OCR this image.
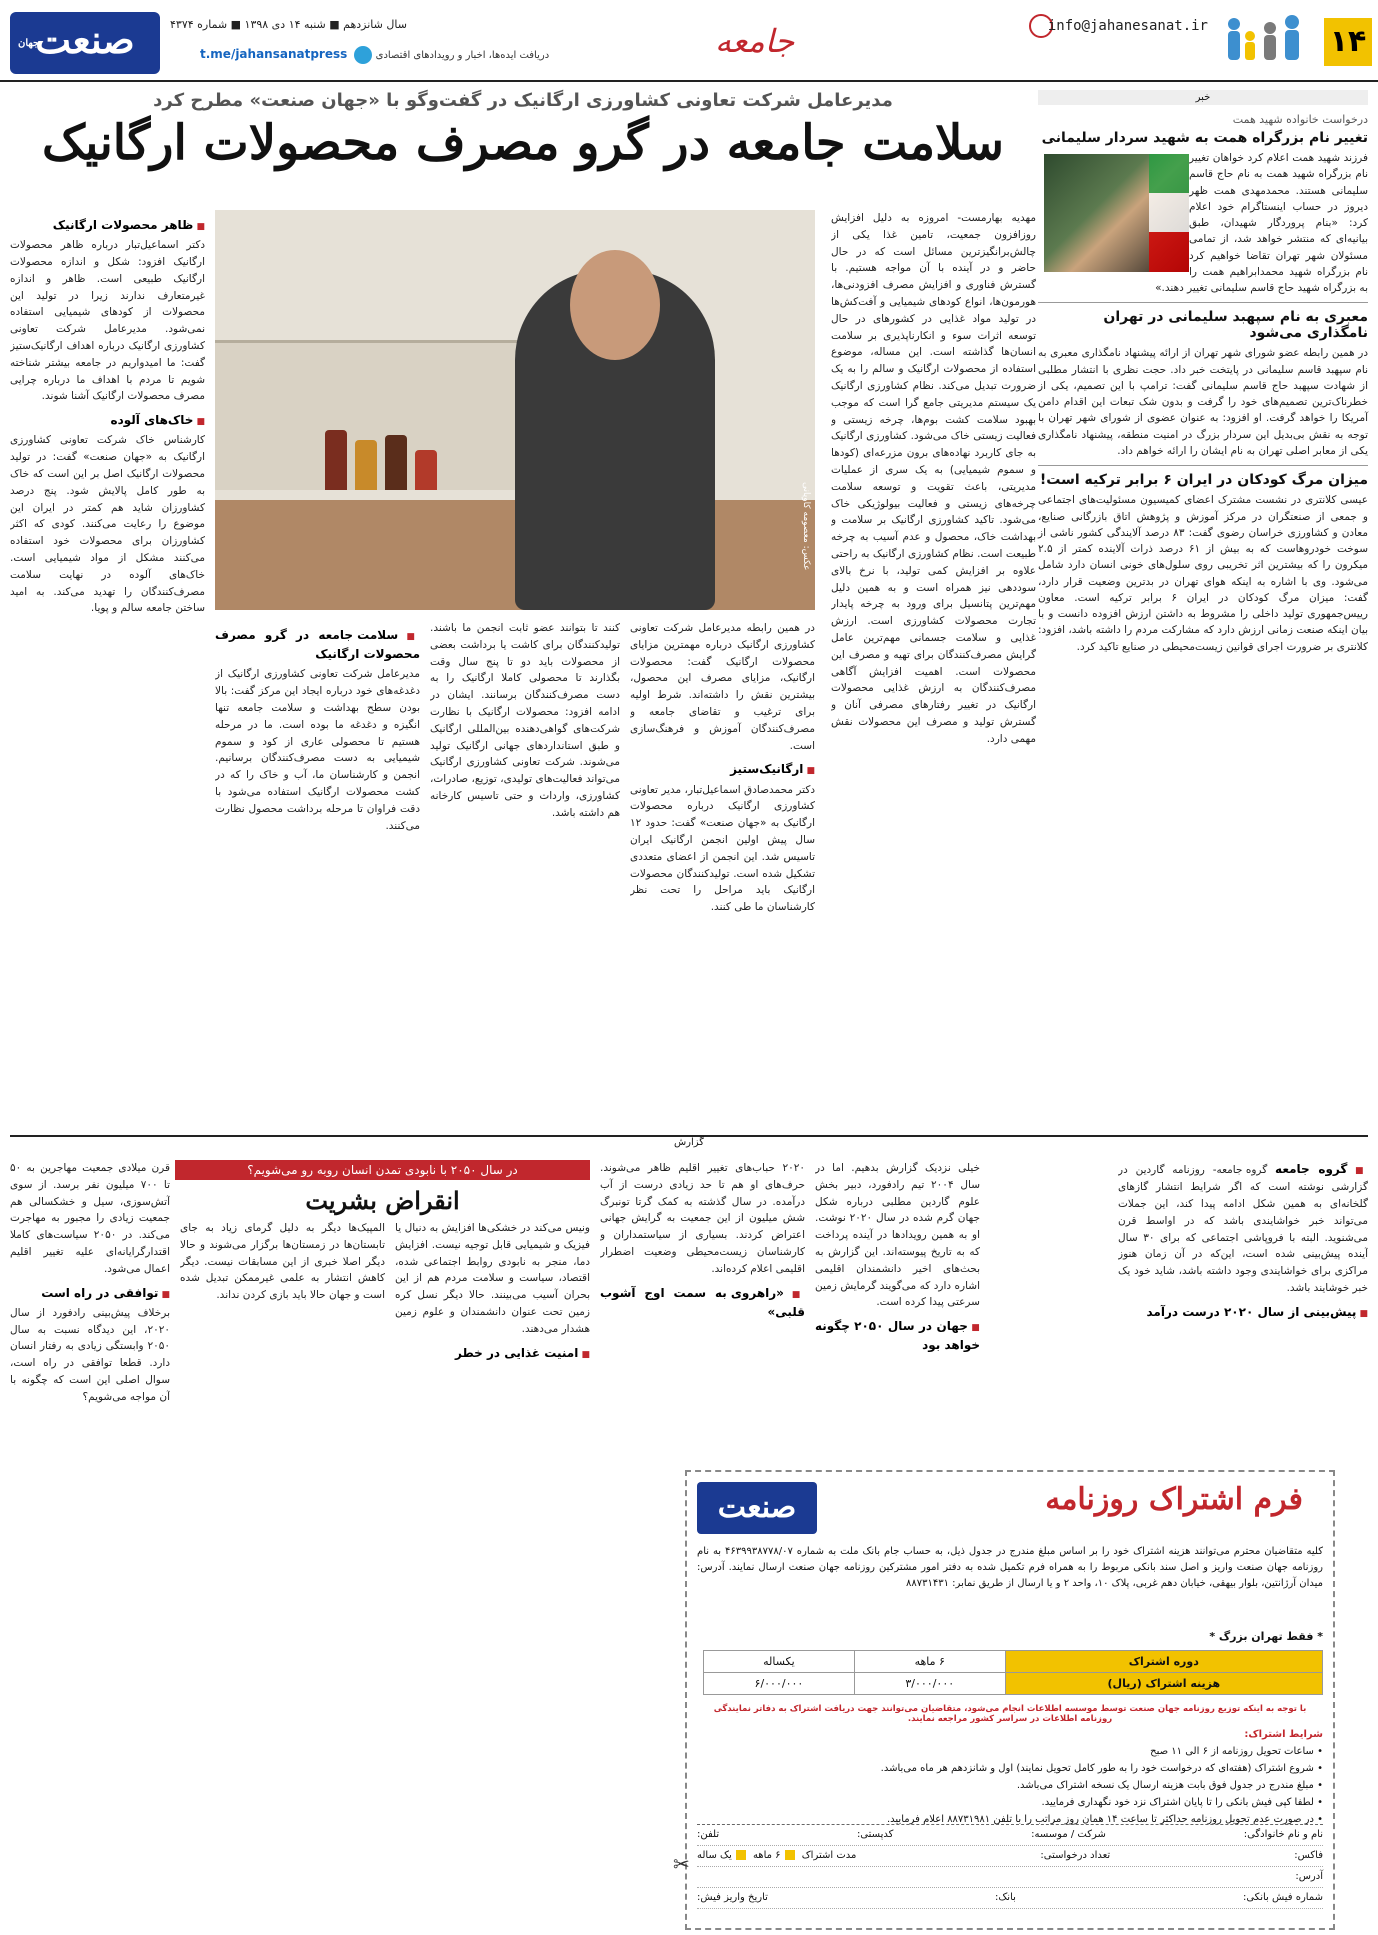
۱۴
info@jahanesanat.ir
جامعه
سال شانزدهم ■ شنبه ۱۴ دی ۱۳۹۸ ■ شماره ۴۳۷۴
دریافت ایده‌ها، اخبار و رویدادهای اقتصادی  t.me/jahansanatpress
صنعت
جهان
خبر
درخواست خانواده شهید همت
تغییر نام بزرگراه همت به شهید سردار سلیمانی

فرزند شهید همت اعلام کرد خواهان تغییر نام بزرگراه شهید همت به نام حاج قاسم سلیمانی هستند. محمدمهدی همت ظهر دیروز در حساب اینستاگرام خود اعلام کرد: «بنام پروردگار شهیدان، طبق بیانیه‌ای که منتشر خواهد شد، از تمامی مسئولان شهر تهران تقاضا خواهیم کرد نام بزرگراه شهید محمدابراهیم همت را به بزرگراه شهید حاج قاسم سلیمانی تغییر دهند.»

معبری به نام سپهبد سلیمانی در تهران نامگذاری می‌شود

در همین رابطه عضو شورای شهر تهران از ارائه پیشنهاد نامگذاری معبری به نام سپهبد قاسم سلیمانی در پایتخت خبر داد. حجت نظری با انتشار مطلبی از شهادت سپهبد حاج قاسم سلیمانی گفت: ترامپ با این تصمیم، یکی از خطرناک‌ترین تصمیم‌های خود را گرفت و بدون شک تبعات این اقدام دامن آمریکا را خواهد گرفت. او افزود: به عنوان عضوی از شورای شهر تهران با توجه به نقش بی‌بدیل این سردار بزرگ در امنیت منطقه، پیشنهاد نامگذاری یکی از معابر اصلی تهران به نام ایشان را ارائه خواهم داد.

میزان مرگ کودکان در ایران ۶ برابر ترکیه است!

عیسی کلانتری در نشست مشترک اعضای کمیسیون مسئولیت‌های اجتماعی و جمعی از صنعتگران در مرکز آموزش و پژوهش اتاق بازرگانی صنایع، معادن و کشاورزی خراسان رضوی گفت: ۸۳ درصد آلایندگی کشور ناشی از سوخت خودروهاست که به بیش از ۶۱ درصد ذرات آلاینده کمتر از ۲.۵ میکرون را که بیشترین اثر تخریبی روی سلول‌های خونی انسان دارد شامل می‌شود. وی با اشاره به اینکه هوای تهران در بدترین وضعیت قرار دارد، گفت: میزان مرگ کودکان در ایران ۶ برابر ترکیه است. معاون رییس‌جمهوری تولید داخلی را مشروط به داشتن ارزش افزوده دانست و با بیان اینکه صنعت زمانی ارزش دارد که مشارکت مردم را داشته باشد، افزود: کلانتری بر ضرورت اجرای قوانین زیست‌محیطی در صنایع تاکید کرد.

مدیرعامل شرکت تعاونی کشاورزی ارگانیک در گفت‌وگو با «جهان صنعت» مطرح کرد
سلامت جامعه در گرو مصرف محصولات ارگانیک
عکس: معصومه کاویانی
مهدیه بهارمست- امروزه به دلیل افزایش روزافزون جمعیت، تامین غذا یکی از چالش‌برانگیزترین مسائل است که در حال حاضر و در آینده با آن مواجه هستیم. با گسترش فناوری و افزایش مصرف افزودنی‌ها، هورمون‌ها، انواع کودهای شیمیایی و آفت‌کش‌ها در تولید مواد غذایی در کشورهای در حال توسعه اثرات سوء و انکارناپذیری بر سلامت انسان‌ها گذاشته است. این مساله، موضوع استفاده از محصولات ارگانیک و سالم را به یک ضرورت تبدیل می‌کند. نظام کشاورزی ارگانیک یک سیستم مدیریتی جامع گرا است که موجب بهبود سلامت کشت بوم‌ها، چرخه زیستی و فعالیت زیستی خاک می‌شود. کشاورزی ارگانیک به جای کاربرد نهاده‌های برون مزرعه‌ای (کودها و سموم شیمیایی) به یک سری از عملیات مدیریتی، باعث تقویت و توسعه سلامت چرخه‌های زیستی و فعالیت بیولوژیکی خاک می‌شود. تاکید کشاورزی ارگانیک بر سلامت و بهداشت خاک، محصول و عدم آسیب به چرخه طبیعت است. نظام کشاورزی ارگانیک به راحتی علاوه بر افزایش کمی تولید، با نرخ بالای سوددهی نیز همراه است و به همین دلیل مهم‌ترین پتانسیل برای ورود به چرخه پایدار تجارت محصولات کشاورزی است. ارزش غذایی و سلامت جسمانی مهم‌ترین عامل گرایش مصرف‌کنندگان برای تهیه و مصرف این محصولات است. اهمیت افزایش آگاهی مصرف‌کنندگان به ارزش غذایی محصولات ارگانیک در تغییر رفتارهای مصرفی آنان و گسترش تولید و مصرف این محصولات نقش مهمی دارد.
در همین رابطه مدیرعامل شرکت تعاونی کشاورزی ارگانیک درباره مهمترین مزایای محصولات ارگانیک گفت: محصولات ارگانیک، مزایای مصرف این محصول، بیشترین نقش را داشته‌اند. شرط اولیه برای ترغیب و تقاضای جامعه و مصرف‌کنندگان آموزش و فرهنگ‌سازی است.
■ ارگانیک‌ستیز
دکتر محمدصادق اسماعیل‌تبار، مدیر تعاونی کشاورزی ارگانیک درباره محصولات ارگانیک به «جهان صنعت» گفت: حدود ۱۲ سال پیش اولین انجمن ارگانیک ایران تاسیس شد. این انجمن از اعضای متعددی تشکیل شده است. تولیدکنندگان محصولات ارگانیک باید مراحل را تحت نظر کارشناسان ما طی کنند.
کنند تا بتوانند عضو ثابت انجمن ما باشند. تولیدکنندگان برای کاشت یا برداشت بعضی از محصولات باید دو تا پنج سال وقت بگذارند تا محصولی کاملا ارگانیک را به دست مصرف‌کنندگان برسانند. ایشان در ادامه افزود: محصولات ارگانیک با نظارت شرکت‌های گواهی‌دهنده بین‌المللی ارگانیک و طبق استانداردهای جهانی ارگانیک تولید می‌شوند. شرکت تعاونی کشاورزی ارگانیک می‌تواند فعالیت‌های تولیدی، توزیع، صادرات، کشاورزی، واردات و حتی تاسیس کارخانه هم داشته باشد.
■ سلامت جامعه در گرو مصرف محصولات ارگانیک
مدیرعامل شرکت تعاونی کشاورزی ارگانیک از دغدغه‌های خود درباره ایجاد این مرکز گفت: بالا بودن سطح بهداشت و سلامت جامعه تنها انگیزه و دغدغه ما بوده است. ما در مرحله هستیم تا محصولی عاری از کود و سموم شیمیایی به دست مصرف‌کنندگان برسانیم. انجمن و کارشناسان ما، آب و خاک را که در کشت محصولات ارگانیک استفاده می‌شود با دقت فراوان تا مرحله برداشت محصول نظارت می‌کنند.
■ ظاهر محصولات ارگانیک
دکتر اسماعیل‌تبار درباره ظاهر محصولات ارگانیک افزود: شکل و اندازه محصولات ارگانیک طبیعی است. ظاهر و اندازه غیرمتعارف ندارند زیرا در تولید این محصولات از کودهای شیمیایی استفاده نمی‌شود. مدیرعامل شرکت تعاونی کشاورزی ارگانیک درباره اهداف ارگانیک‌ستیز گفت: ما امیدواریم در جامعه بیشتر شناخته شویم تا مردم با اهداف ما درباره چرایی مصرف محصولات ارگانیک آشنا شوند.
■ خاک‌های آلوده
کارشناس خاک شرکت تعاونی کشاورزی ارگانیک به «جهان صنعت» گفت: در تولید محصولات ارگانیک اصل بر این است که خاک به طور کامل پالایش شود. پنج درصد کشاورزان شاید هم کمتر در ایران این موضوع را رعایت می‌کنند. کودی که اکثر کشاورزان برای محصولات خود استفاده می‌کنند مشکل از مواد شیمیایی است. خاک‌های آلوده در نهایت سلامت مصرف‌کنندگان را تهدید می‌کند. به امید ساختن جامعه سالم و پویا.
گزارش
در سال ۲۰۵۰ با نابودی تمدن انسان روبه رو می‌شویم؟
انقراض بشریت
■ گروه جامعه گروه جامعه- روزنامه گاردین در گزارشی نوشته است که اگر شرایط انتشار گازهای گلخانه‌ای به همین شکل ادامه پیدا کند، این جملات می‌تواند خبر خواشایندی باشد که در اواسط قرن می‌شنوید. البته با فروپاشی اجتماعی که برای ۳۰ سال آینده پیش‌بینی شده است، این‌که در آن زمان هنوز مراکزی برای خواشایندی وجود داشته باشد، شاید خود یک خبر خوشایند باشد.
■ پیش‌بینی از سال ۲۰۲۰ درست درآمد
خیلی نزدیک گزارش بدهیم. اما در سال ۲۰۰۴ تیم رادفورد، دبیر بخش علوم گاردین مطلبی درباره شکل جهان گرم شده در سال ۲۰۲۰ نوشت. او به همین رویدادها در آینده پرداخت که به تاریخ پیوسته‌اند. این گزارش به بحث‌های اخیر دانشمندان اقلیمی اشاره دارد که می‌گویند گرمایش زمین سرعتی پیدا کرده است.
■ جهان در سال ۲۰۵۰ چگونه خواهد بود
۲۰۲۰ حباب‌های تغییر اقلیم ظاهر می‌شوند. حرف‌های او هم تا حد زیادی درست از آب درآمده. در سال گذشته به کمک گرتا تونبرگ شش میلیون از این جمعیت به گرایش جهانی اعتراض کردند. بسیاری از سیاستمداران و کارشناسان زیست‌محیطی وضعیت اضطرار اقلیمی اعلام کرده‌اند.
■ «راهروی به سمت اوج آشوب قلبی»
ونیس می‌کند در خشکی‌ها افزایش به دنبال یا فیزیک و شیمیایی قابل توجیه نیست. افزایش دما، منجر به نابودی روابط اجتماعی شده، اقتصاد، سیاست و سلامت مردم هم از این بحران آسیب می‌بینند. حالا دیگر نسل کره زمین تحت عنوان دانشمندان و علوم زمین هشدار می‌دهند.
■ امنیت غذایی در خطر
المپیک‌ها دیگر به دلیل گرمای زیاد به جای تابستان‌ها در زمستان‌ها برگزار می‌شوند و حالا دیگر اصلا خبری از این مسابقات نیست. دیگر کاهش انتشار به علمی غیرممکن تبدیل شده است و جهان حالا باید بازی کردن نداند.
قرن میلادی جمعیت مهاجرین به ۵۰ تا ۷۰۰ میلیون نفر برسد. از سوی آتش‌سوزی، سیل و خشکسالی هم جمعیت زیادی را مجبور به مهاجرت می‌کند. در ۲۰۵۰ سیاست‌های کاملا اقتدارگرایانه‌ای علیه تغییر اقلیم اعمال می‌شود.
■ توافقی در راه است
برخلاف پیش‌بینی رادفورد از سال ۲۰۲۰، این دیدگاه نسبت به سال ۲۰۵۰ وابستگی زیادی به رفتار انسان دارد. قطعا توافقی در راه است، سوال اصلی این است که چگونه با آن مواجه می‌شویم؟
صنعت	فرم اشتراک روزنامه
کلیه متقاضیان محترم می‌توانند هزینه اشتراک خود را بر اساس مبلغ مندرج در جدول ذیل، به حساب جام بانک ملت به شماره ۴۶۳۹۹۳۸۷۷۸/۰۷ به نام روزنامه جهان صنعت واریز و اصل سند بانکی مربوط را به همراه فرم تکمیل شده به دفتر امور مشترکین روزنامه جهان صنعت ارسال نمایند. آدرس: میدان آرژانتین، بلوار بیهقی، خیابان دهم غربی، پلاک ۱۰، واحد ۲ و یا ارسال از طریق نمابر: ۸۸۷۳۱۴۳۱
* فقط تهران بزرگ *
دوره اشتراک	۶ ماهه	یکساله
هزینه اشتراک (ریال)	۳/۰۰۰/۰۰۰	۶/۰۰۰/۰۰۰
با توجه به اینکه توزیع روزنامه جهان صنعت توسط موسسه اطلاعات انجام می‌شود، متقاضیان می‌توانند جهت دریافت اشتراک به دفاتر نمایندگی روزنامه اطلاعات در سراسر کشور مراجعه نمایند.
شرایط اشتراک:
• ساعات تحویل روزنامه از ۶ الی ۱۱ صبح
• شروع اشتراک (هفته‌ای که درخواست خود را به طور کامل تحویل نمایند) اول و شانزدهم هر ماه می‌باشد.
• مبلغ مندرج در جدول فوق بابت هزینه ارسال یک نسخه اشتراک می‌باشد.
• لطفا کپی فیش بانکی را تا پایان اشتراک نزد خود نگهداری فرمایید.
• در صورت عدم تحویل روزنامه حداکثر تا ساعت ۱۴ همان روز مراتب را با تلفن ۸۸۷۳۱۹۸۱ اعلام فرمایید.
نام و نام خانوادگی:
شرکت / موسسه:
کدپستی:
تلفن:
فاکس:
تعداد درخواستی:
مدت اشتراک ۶ ماهه یک ساله
آدرس:
شماره فیش بانکی:
بانک:
تاریخ واریز فیش:
✂
